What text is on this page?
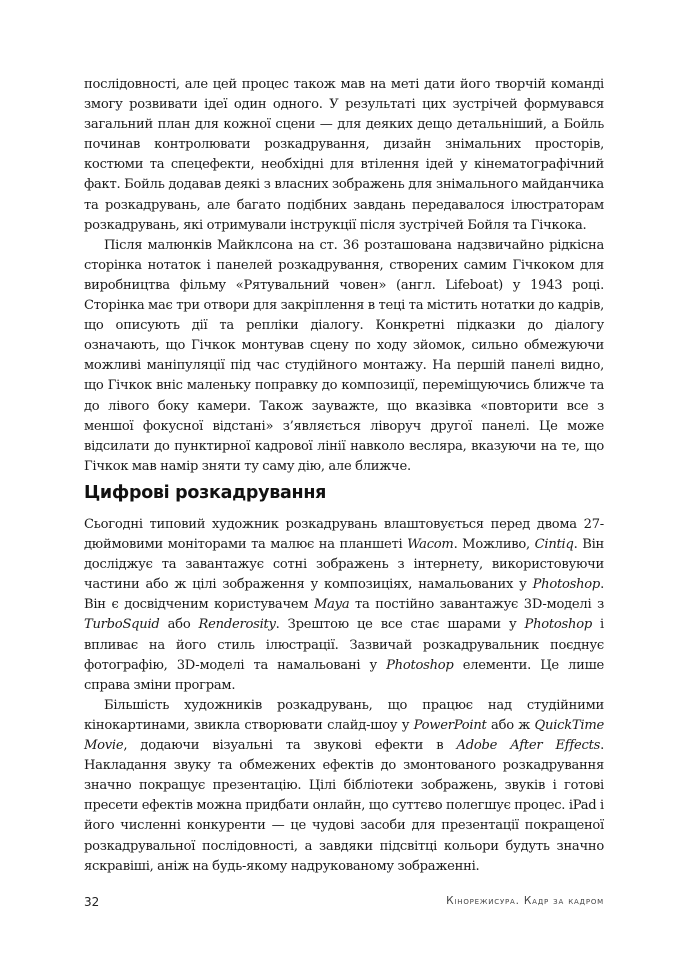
послідовності, але цей процес також мав на меті дати його творчій команді змогу розвивати ідеї один одного. У результаті цих зустрічей формувався загальний план для кожної сцени — для деяких дещо детальніший, а Бойль починав контролювати розкадрування, дизайн знімальних просторів, костюми та спецефекти, необхідні для втілення ідей у кінематографічний факт. Бойль додавав деякі з власних зображень для знімального майданчика та розкадрувань, але багато подібних завдань передавалося ілюстраторам розкадрувань, які отримували інструкції після зустрічей Бойля та Гічкока.

Після малюнків Майклсона на ст. 36 розташована надзвичайно рідкісна сторінка нотаток і панелей розкадрування, створених самим Гічкоком для виробництва фільму «Рятувальний човен» (англ. Lifeboat) у 1943 році. Сторінка має три отвори для закріплення в теці та містить нотатки до кадрів, що описують дії та репліки діалогу. Конкретні підказки до діалогу означають, що Гічкок монтував сцену по ходу зйомок, сильно обмежуючи можливі маніпуляції під час студійного монтажу. На першій панелі видно, що Гічкок вніс маленьку поправку до композиції, переміщуючись ближче та до лівого боку камери. Також зауважте, що вказівка «повторити все з меншої фокусної відстані» з’являється ліворуч другої панелі. Це може відсилати до пунктирної кадрової лінії навколо весляра, вказуючи на те, що Гічкок мав намір зняти ту саму дію, але ближче.

Цифрові розкадрування

Сьогодні типовий художник розкадрувань влаштовується перед двома 27-дюймовими моніторами та малює на планшеті Wacom. Можливо, Cintiq. Він досліджує та завантажує сотні зображень з інтернету, використовуючи частини або ж цілі зображення у композиціях, намальованих у Photoshop. Він є досвідченим користувачем Maya та постійно завантажує 3D-моделі з TurboSquid або Renderosity. Зрештою це все стає шарами у Photoshop і впливає на його стиль ілюстрації. Зазвичай розкадрувальник поєднує фотографію, 3D-моделі та намальовані у Photoshop елементи. Це лише справа зміни програм.

Більшість художників розкадрувань, що працює над студійними кінокартинами, звикла створювати слайд-шоу у PowerPoint або ж QuickTime Movie, додаючи візуальні та звукові ефекти в Adobe After Effects. Накладання звуку та обмежених ефектів до змонтованого розкадрування значно покращує презентацію. Цілі бібліотеки зображень, звуків і готові пресети ефектів можна придбати онлайн, що суттєво полегшує процес. iPad і його численні конкуренти — це чудові засоби для презентації покращеної розкадрувальної послідовності, а завдяки підсвітці кольори будуть значно яскравіші, аніж на будь-якому надрукованому зображенні.

32	Кінорежисура. Кадр за кадром
